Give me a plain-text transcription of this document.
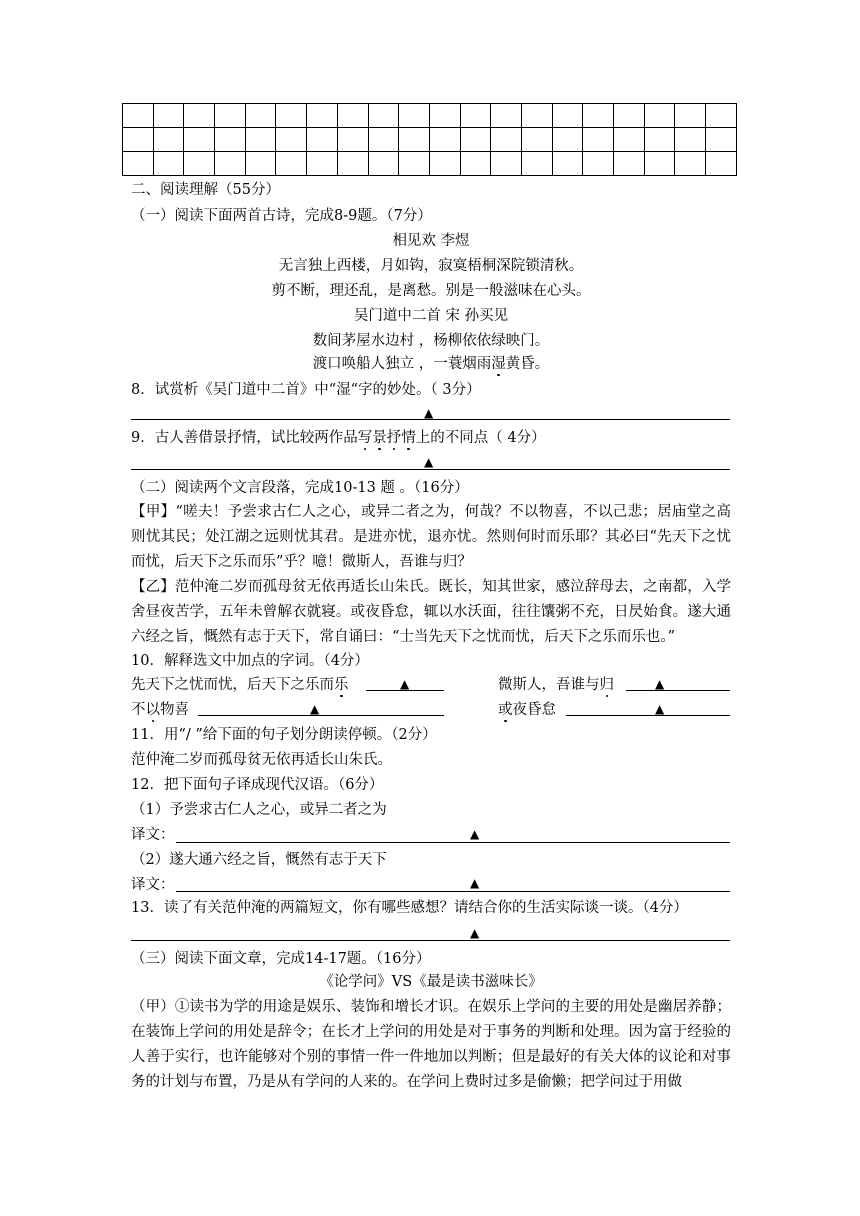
二、阅读理解（55分）
（一）阅读下面两首古诗，完成8-9题。（7分）
相见欢 李煜
无言独上西楼，月如钩，寂寞梧桐深院锁清秋。
剪不断，理还乱，是离愁。别是一般滋味在心头。
吴门道中二首 宋 孙买见
数间茅屋水边村 ，杨柳依依绿映门。
渡口唤船人独立 ，一蓑烟雨湿黄昏。
8．试赏析《吴门道中二首》中“湿“字的妙处。（ 3分）
▲
9．古人善借景抒情，试比较两作品写景抒情上的不同点（ 4分）
▲
（二）阅读两个文言段落，完成10-13 题 。（16分）
【甲】“嗟夫！予尝求古仁人之心，或异二者之为，何哉？不以物喜，不以己悲；居庙堂之高则忧其民；处江湖之远则忧其君。是进亦忧，退亦忧。然则何时而乐耶？其必曰“先天下之忧而忧，后天下之乐而乐”乎？噫！微斯人，吾谁与归？
【乙】范仲淹二岁而孤母贫无依再适长山朱氏。既长，知其世家，感泣辞母去，之南都，入学舍昼夜苦学，五年未曾解衣就寝。或夜昏怠，辄以水沃面，往往馕粥不充，日昃始食。遂大通六经之旨，慨然有志于天下，常自诵曰：“士当先天下之忧而忧，后天下之乐而乐也。”
10．解释选文中加点的字词。（4分）
先天下之忧而忧，后天下之乐而乐	▲	微斯人，吾谁与归	▲
不以物喜	▲	或夜昏怠	▲
11．用“/ ”给下面的句子划分朗读停顿。（2分）
范仲淹二岁而孤母贫无依再适长山朱氏。
12．把下面句子译成现代汉语。（6分）
（1）予尝求古仁人之心，或异二者之为
译文：	▲
（2）遂大通六经之旨，慨然有志于天下
译文：	▲
13．读了有关范仲淹的两篇短文，你有哪些感想？请结合你的生活实际谈一谈。（4分）
▲
（三）阅读下面文章，完成14-17题。（16分）
《论学问》VS《最是读书滋味长》
（甲）①读书为学的用途是娱乐、装饰和增长才识。在娱乐上学问的主要的用处是幽居养静；在装饰上学问的用处是辞令；在长才上学问的用处是对于事务的判断和处理。因为富于经验的人善于实行，也许能够对个别的事情一件一件地加以判断；但是最好的有关大体的议论和对事务的计划与布置，乃是从有学问的人来的。在学问上费时过多是偷懒；把学问过于用做
